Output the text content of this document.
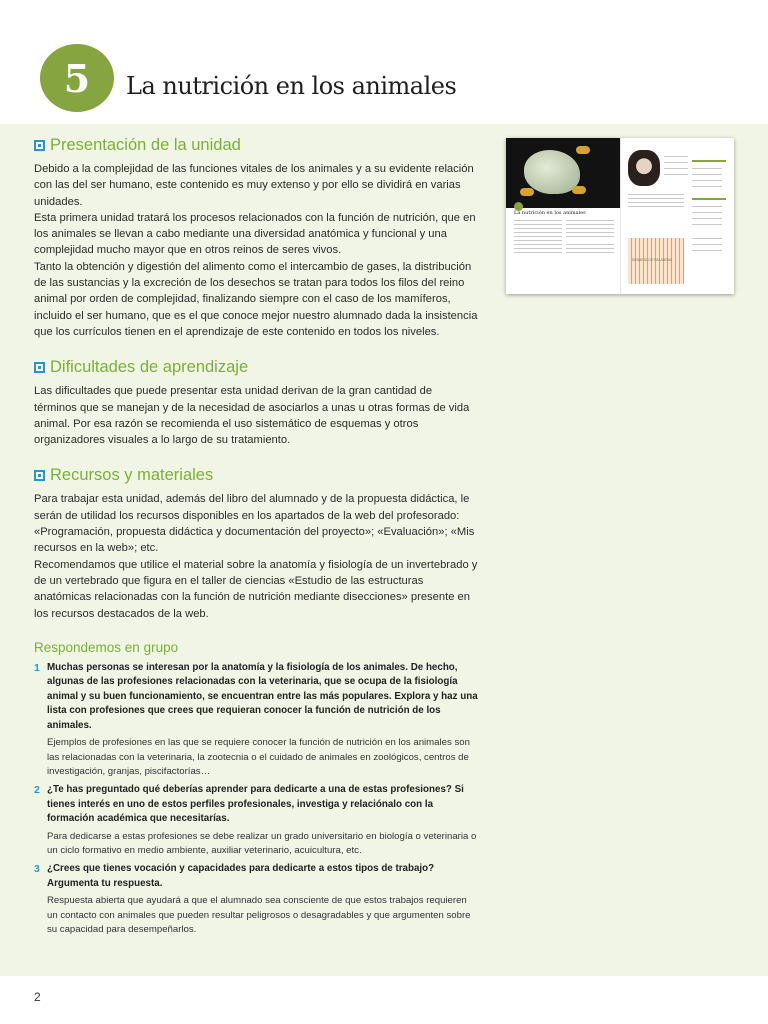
5 La nutrición en los animales
Presentación de la unidad

Debido a la complejidad de las funciones vitales de los animales y a su evidente relación con las del ser humano, este contenido es muy extenso y por ello se dividirá en varias unidades.

Esta primera unidad tratará los procesos relacionados con la función de nutrición, que en los animales se llevan a cabo mediante una diversidad anatómica y funcional y una complejidad mucho mayor que en otros reinos de seres vivos.

Tanto la obtención y digestión del alimento como el intercambio de gases, la distribución de las sustancias y la excreción de los desechos se tratan para todos los filos del reino animal por orden de complejidad, finalizando siempre con el caso de los mamíferos, incluido el ser humano, que es el que conoce mejor nuestro alumnado dada la insistencia que los currículos tienen en el aprendizaje de este contenido en todos los niveles.

Dificultades de aprendizaje

Las dificultades que puede presentar esta unidad derivan de la gran cantidad de términos que se manejan y de la necesidad de asociarlos a unas u otras formas de vida animal. Por esa razón se recomienda el uso sistemático de esquemas y otros organizadores visuales a lo largo de su tratamiento.

Recursos y materiales

Para trabajar esta unidad, además del libro del alumnado y de la propuesta didáctica, le serán de utilidad los recursos disponibles en los apartados de la web del profesorado: «Programación, propuesta didáctica y documentación del proyecto»; «Evaluación»; «Mis recursos en la web»; etc.

Recomendamos que utilice el material sobre la anatomía y fisiología de un invertebrado y de un vertebrado que figura en el taller de ciencias «Estudio de las estructuras anatómicas relacionadas con la función de nutrición mediante disecciones» presente en los recursos destacados de la web.

Respondemos en grupo
1 Muchas personas se interesan por la anatomía y la fisiología de los animales. De hecho, algunas de las profesiones relacionadas con la veterinaria, que se ocupa de la fisiología animal y su buen funcionamiento, se encuentran entre las más populares. Explora y haz una lista con profesiones que crees que requieran conocer la función de nutrición de los animales.

Ejemplos de profesiones en las que se requiere conocer la función de nutrición en los animales son las relacionadas con la veterinaria, la zootecnia o el cuidado de animales en zoológicos, centros de investigación, granjas, piscifactorías…

2 ¿Te has preguntado qué deberías aprender para dedicarte a una de estas profesiones? Si tienes interés en uno de estos perfiles profesionales, investiga y relaciónalo con la formación académica que necesitarías.

Para dedicarse a estas profesiones se debe realizar un grado universitario en biología o veterinaria o un ciclo formativo en medio ambiente, auxiliar veterinario, acuicultura, etc.

3 ¿Crees que tienes vocación y capacidades para dedicarte a estos tipos de trabajo? Argumenta tu respuesta.

Respuesta abierta que ayudará a que el alumnado sea consciente de que estos trabajos requieren un contacto con animales que pueden resultar peligrosos o desagradables y que argumenten sobre su capacidad para desempeñarlos.

La nutrición en los animales
DESAFÍO DE PALABRAS
2
